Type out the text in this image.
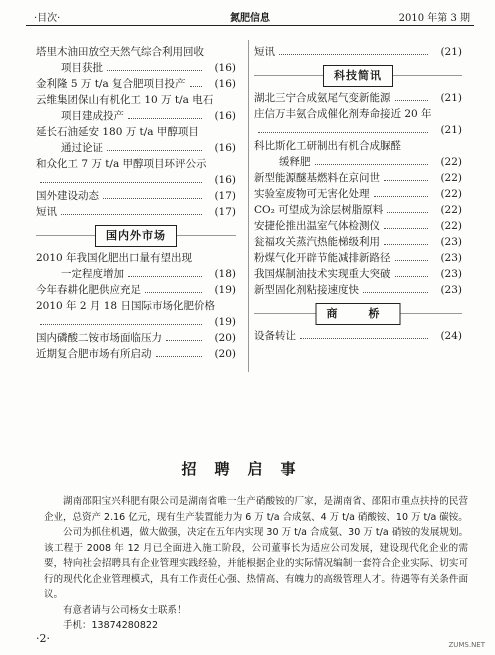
·目次·	氮肥信息	2010 年第 3 期
塔里木油田放空天然气综合利用回收
项目获批	(16)
金利隆 5 万 t/a 复合肥项目投产	(16)
云维集团保山有机化工 10 万 t/a 电石
项目建成投产	(16)
延长石油延安 180 万 t/a 甲醇项目
通过论证	(16)
和众化工 7 万 t/a 甲醇项目环评公示
(16)
国外建设动态	(17)
短讯	(17)
国内外市场
2010 年我国化肥出口量有望出现
一定程度增加	(18)
今年春耕化肥供应充足	(19)
2010 年 2 月 18 日国际市场化肥价格
(19)
国内磷酸二铵市场面临压力	(20)
近期复合肥市场有所启动	(20)
短讯	(21)
科技简讯
湖北三宁合成氨尾气变新能源	(21)
庄信万丰氨合成催化剂寿命接近 20 年
(21)
科比斯化工研制出有机合成脲醛
缓释肥	(22)
新型能源醚基燃料在京问世	(22)
实验室废物可无害化处理	(22)
CO₂ 可望成为涂层树脂原料	(22)
安捷伦推出温室气体检测仪	(22)
瓮福攻关蒸汽热能梯级利用	(23)
粉煤气化开辟节能减排新路径	(23)
我国煤制油技术实现重大突破	(23)
新型固化剂粘接速度快	(23)
商　桥
设备转让	(24)
招聘启事

湖南邵阳宝兴科肥有限公司是湖南省唯一生产硝酸铵的厂家，是湖南省、邵阳市重点扶持的民营企业，总资产 2.16 亿元，现有生产装置能力为 6 万 t/a 合成氨、4 万 t/a 硝酸铵、10 万 t/a 碳铵。

公司为抓住机遇，做大做强，决定在五年内实现 30 万 t/a 合成氨、30 万 t/a 硝铵的发展规划。该工程于 2008 年 12 月已全面进入施工阶段，公司董事长为适应公司发展，建设现代化企业的需要，特向社会招聘具有企业管理实践经验，并能根据企业的实际情况编制一套符合企业实际、切实可行的现代化企业管理模式，具有工作责任心强、热情高、有魄力的高级管理人才。待遇等有关条件面议。

有意者请与公司杨女士联系！

手机：13874280822

·2·	ZUMS.NET
